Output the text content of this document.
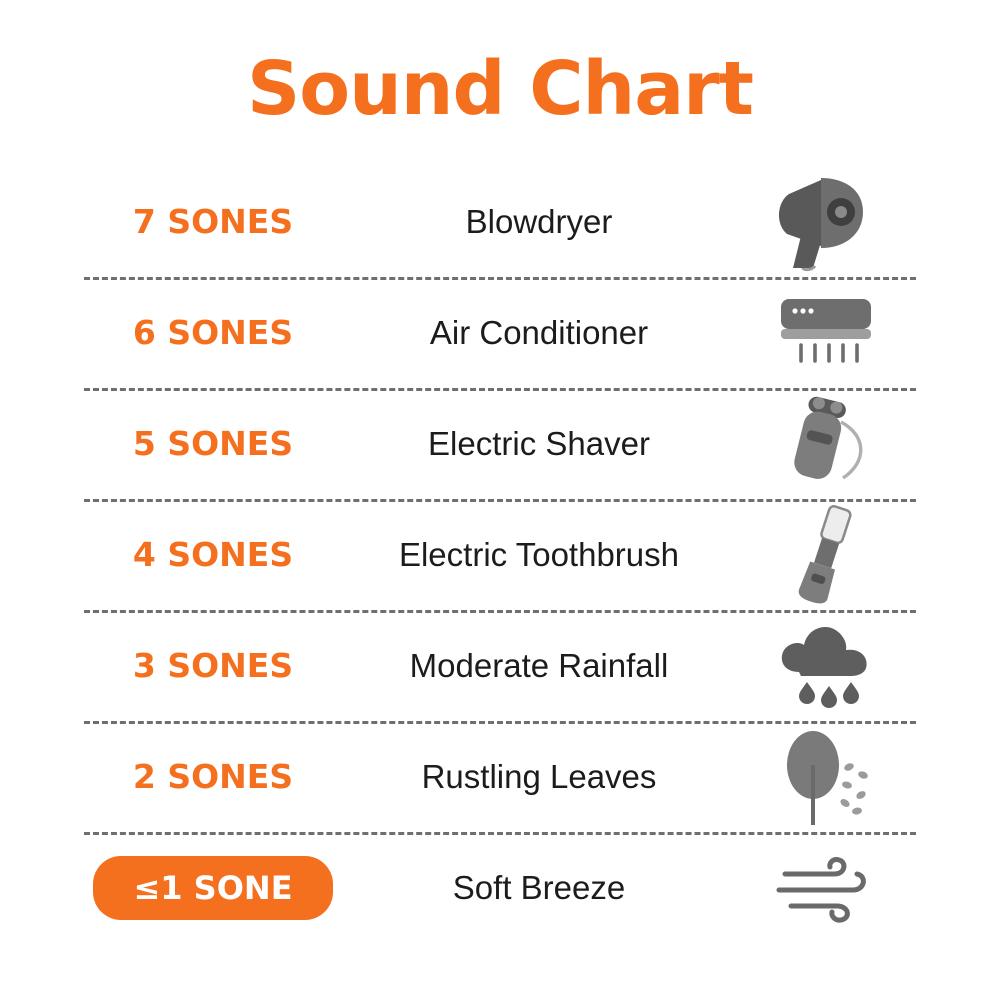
Sound Chart
7 SONES	Blowdryer
6 SONES	Air Conditioner
5 SONES	Electric Shaver
4 SONES	Electric Toothbrush
3 SONES	Moderate Rainfall
2 SONES	Rustling Leaves
≤1 SONE	Soft Breeze
